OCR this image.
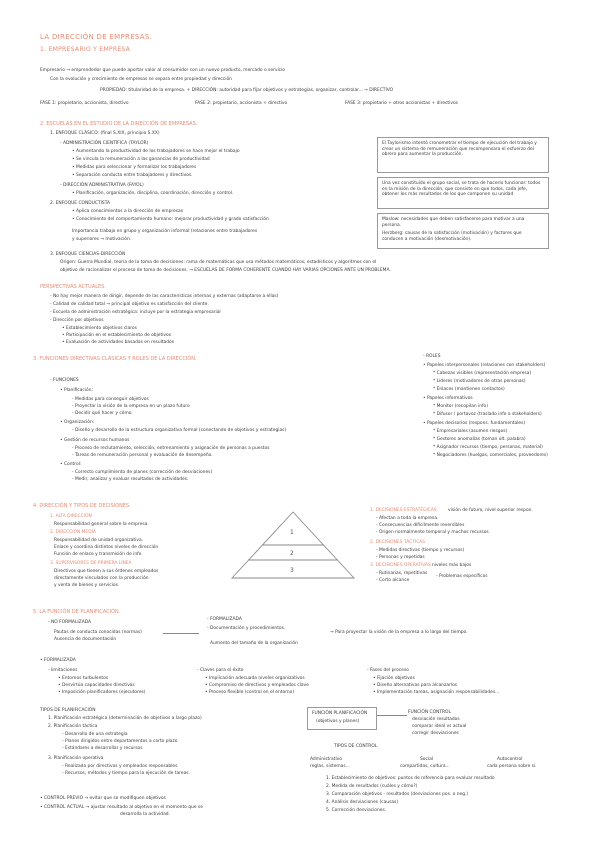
LA DIRECCIÓN DE EMPRESAS.
1. EMPRESARIO Y EMPRESA
Empresario → emprendedor que puede aportar valor al consumidor con un nuevo producto, mercado o servicio
Con la evolución y crecimiento de empresas se separa entre propiedad y dirección
PROPIEDAD: titularidad de la empresa. + DIRECCIÓN: autoridad para fijar objetivos y estrategias, organizar, controlar... → DIRECTIVO
FASE 1: propietario, accionista, directivo	FASE 2: propietario, accionista + directivo	FASE 3: propietario + otros accionistas + directivos
2. ESCUELAS EN EL ESTUDIO DE LA DIRECCIÓN DE EMPRESAS.
1. ENFOQUE CLÁSICO: (final S.XIX, principio S.XX)
- ADMINISTRACIÓN CIENTÍFICA (TAYLOR)
• Aumentando la productividad de los trabajadores se hace mejor el trabajo
• Se vincula la remuneración a las ganancias de productividad
• Medidas para seleccionar y formalizar los trabajadores
• Separación conducta entre trabajadores y directivos.
- DIRECCIÓN ADMINISTRATIVA (FAYOL)
• Planificación, organización, disciplina, coordinación, dirección y control.
2. ENFOQUE CONDUCTISTA
• Aplica conocimientos a la dirección de empresas
• Conocimiento del comportamiento humano: mejorar productividad y grado satisfacción
Importancia trabajo en grupo y organización informal (relaciones entre trabajadores
y superiores → motivación.
3. ENFOQUE CIENCIAS-DIRECCIÓN
Origen: Guerra Mundial, teoría de la toma de decisiones: rama de matemáticas que usa métodos matemáticos, estadísticos y algoritmos con el
objetivo de racionalizar el proceso de toma de decisiones. → ESCUELAS DE FORMA COHERENTE CUANDO HAY VARIAS OPCIONES ANTE UN PROBLEMA.
El Taylorismo intentó cronometrar el tiempo de ejecución del trabajo y crear un sistema de remuneración que recompensara el esfuerzo del obrero para aumentar la producción.
Una vez constituido el grupo social, se trata de hacerlo funcionar: todos en la misión de la dirección, que consiste en que todos, cada jefe, obtener los más resultados de los que componen su unidad
Maslow: necesidades que deben satisfacerse para motivar a una persona.
Herzberg: causas de la satisfacción (motivación) y factores que conducen a motivación (desmotivación).
PERSPECTIVAS ACTUALES.
- No hay mejor manera de dirigir, depende de las características internas y externas (adaptarse a ellas)
- Calidad de calidad total → principal objetivo es satisfacción del cliente.
- Escuela de administración estratégica: incluye por la estrategia empresarial
- Dirección por objetivos
• Establecimiento objetivos claros
• Participación en el establecimiento de objetivos
• Evaluación de actividades basadas en resultados
3. FUNCIONES DIRECTIVAS CLÁSICAS Y ROLES DE LA DIRECCIÓN.
- FUNCIONES
• Planificación:
- Medidas para conseguir objetivos
- Proyectar la visión de la empresa en un plazo futuro
- Decidir qué hacer y cómo.
• Organización:
- Diseño y desarrollo de la estructura organizativa formal (conectando de objetivos y estrategias)
• Gestión de recursos humanos
- Proceso de reclutamiento, selección, entrenamiento y asignación de personas a puestos
- Tareas de remuneración personal y evaluación de desempeño.
• Control:
- Correcto cumplimiento de planes (corrección de desviaciones)
- Medir, analizar y evaluar resultados de actividades.
- ROLES
• Papeles interpersonales (relaciones con stakeholders)
* Cabezas visibles (representación empresa)
* Líderes (motivadores de otras personas)
* Enlaces (mantienen contactos)
• Papeles informativos
* Monitor (recopilan info)
* Difusor / portavoz (traslado info a stakeholders)
• Papeles decisorios (respons. fundamentales)
* Empresariales (asumen riesgos)
* Gestores anomalías (toman últ. palabra)
* Asignador recursos (tiempo, personas, material)
* Negociadores (huelgas, comerciales, proveedores)
4. DIRECCIÓN Y TIPOS DE DECISIONES.
1. ALTA DIRECCIÓN
Responsabilidad general sobre la empresa.
2. DIRECCIÓN MEDIA
Responsabilidad de unidad organizativa.
Enlace y coordina distintos niveles de dirección
Función de enlace y transmisión de info
3. SUPERVISORES DE PRIMERA LÍNEA
Directivos que tienen a sus órdenes empleados
directamente vinculados con la producción
y venta de bienes y servicios.
1
2
3
1. DECISIONES ESTRATÉGICAS	visión de futuro, nivel superior respon.
- Afectan a toda la empresa.
- Consecuencias difícilmente reversibles
- Origen normalmente temporal y muchos recursos
2. DECISIONES TÁCTICAS
- Medidas directivas (tiempo y recursos)
- Personas y repetidas
3. DECISIONES OPERATIVAS niveles más bajos
- Rutinarias, repetitivas
- Corto alcance
- Problemas específicos
5. LA FUNCIÓN DE PLANIFICACIÓN.
- NO FORMALIZADA
Pautas de conducta conocidas (normas)
Ausencia de documentación
- FORMALIZADA
- Documentación y procedimientos.
Aumento del tamaño de la organización
→ Para proyectar la visión de la empresa a lo largo del tiempo.
• FORMALIZADA
- limitaciones
• Entornos turbulentos
• Desvirtúa capacidades directivas
• Imposición planificadores (ejecutores)
- Claves para el éxito
• Implicación adecuada niveles organizativos
• Compromiso de directivos y empleados clave
• Proceso flexible (control en el entorno)
- Fases del proceso
• Fijación objetivos
• Diseño alternativas para alcanzarlos
• Implementación tareas, asignación responsabilidades...
TIPOS DE PLANIFICACIÓN
1. Planificación estratégica (determinación de objetivos a largo plazo)
2. Planificación táctica
- Desarrollo de una estrategia
- Planes dirigidos entre departamentos a corto plazo
- Estándares a desarrollar y recursos
3. Planificación operativa
- Realizada por directivos y empleados responsables
- Recursos, métodos y tiempo para la ejecución de tareas.
• CONTROL PREVIO → evitar que se modifiquen objetivos
• CONTROL ACTUAL → ajustar resultado al objetivo en el momento que se
desarrolla la actividad.
FUNCIÓN PLANIFICACIÓN
(objetivos y planes)
FUNCIÓN CONTROL
desviación resultados
comparar ideal vs actual
corregir desviaciones
TIPOS DE CONTROL
Administrativo
reglas, sistemas...
Social
compartidas, cultura...
Autocontrol
cada persona sobre sí.
1. Establecimiento de objetivos: puntos de referencia para evaluar resultado
2. Medida de resultados (cuáles y cómo?)
3. Comparación objetivos - resultados (desviaciones pos. o neg.)
4. Análisis desviaciones (causas)
5. Corrección desviaciones.
